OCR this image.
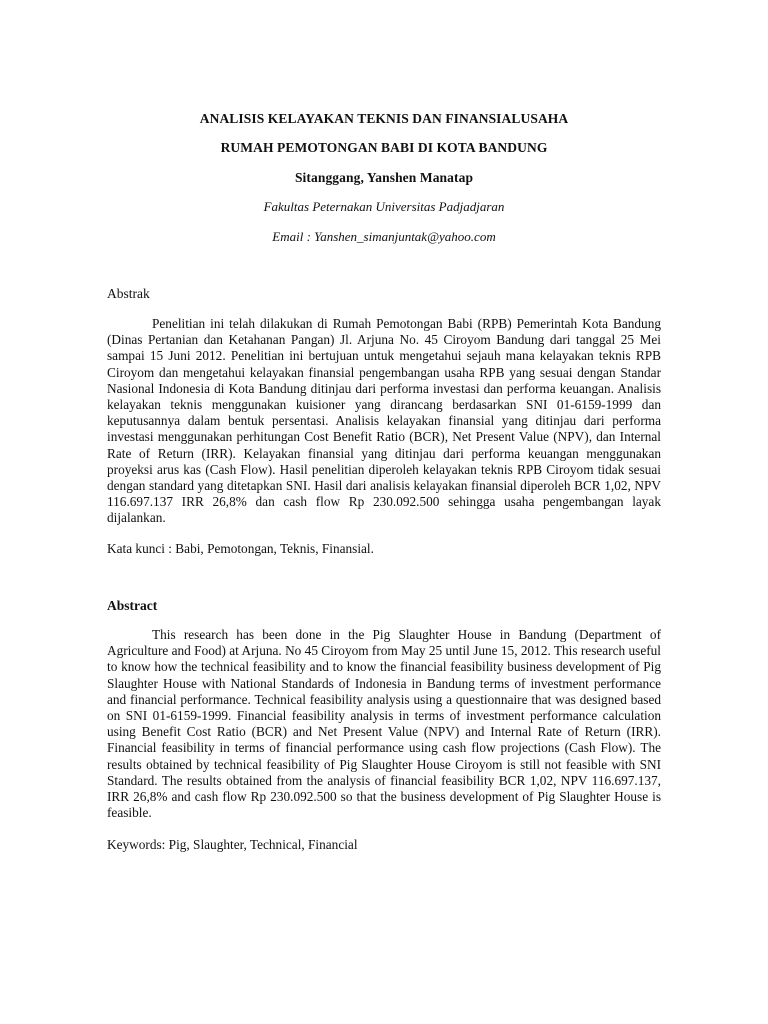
ANALISIS KELAYAKAN TEKNIS DAN FINANSIALUSAHA
RUMAH PEMOTONGAN BABI DI KOTA BANDUNG
Sitanggang, Yanshen Manatap
Fakultas Peternakan Universitas Padjadjaran
Email : Yanshen_simanjuntak@yahoo.com
Abstrak

Penelitian ini telah dilakukan di Rumah Pemotongan Babi (RPB) Pemerintah Kota Bandung (Dinas Pertanian dan Ketahanan Pangan) Jl. Arjuna No. 45 Ciroyom Bandung dari tanggal 25 Mei sampai 15 Juni 2012. Penelitian ini bertujuan untuk mengetahui sejauh mana kelayakan teknis RPB Ciroyom dan mengetahui kelayakan finansial pengembangan usaha RPB yang sesuai dengan Standar Nasional Indonesia di Kota Bandung ditinjau dari performa investasi dan performa keuangan. Analisis kelayakan teknis menggunakan kuisioner yang dirancang berdasarkan SNI 01-6159-1999 dan keputusannya dalam bentuk persentasi. Analisis kelayakan finansial yang ditinjau dari performa investasi menggunakan perhitungan Cost Benefit Ratio (BCR), Net Present Value (NPV), dan Internal Rate of Return (IRR). Kelayakan finansial yang ditinjau dari performa keuangan menggunakan proyeksi arus kas (Cash Flow). Hasil penelitian diperoleh kelayakan teknis RPB Ciroyom tidak sesuai dengan standard yang ditetapkan SNI. Hasil dari analisis kelayakan finansial diperoleh BCR 1,02, NPV 116.697.137 IRR 26,8% dan cash flow Rp 230.092.500 sehingga usaha pengembangan layak dijalankan.

Kata kunci : Babi, Pemotongan, Teknis, Finansial.
Abstract

This research has been done in the Pig Slaughter House in Bandung (Department of Agriculture and Food) at Arjuna. No 45 Ciroyom from May 25 until June 15, 2012. This research useful to know how the technical feasibility and to know the financial feasibility business development of Pig Slaughter House with National Standards of Indonesia in Bandung terms of investment performance and financial performance. Technical feasibility analysis using a questionnaire that was designed based on SNI 01-6159-1999. Financial feasibility analysis in terms of investment performance calculation using Benefit Cost Ratio (BCR) and Net Present Value (NPV) and Internal Rate of Return (IRR). Financial feasibility in terms of financial performance using cash flow projections (Cash Flow). The results obtained by technical feasibility of Pig Slaughter House Ciroyom is still not feasible with SNI Standard. The results obtained from the analysis of financial feasibility BCR 1,02, NPV 116.697.137, IRR 26,8% and cash flow Rp 230.092.500 so that the business development of Pig Slaughter House is feasible.

Keywords: Pig, Slaughter, Technical, Financial
